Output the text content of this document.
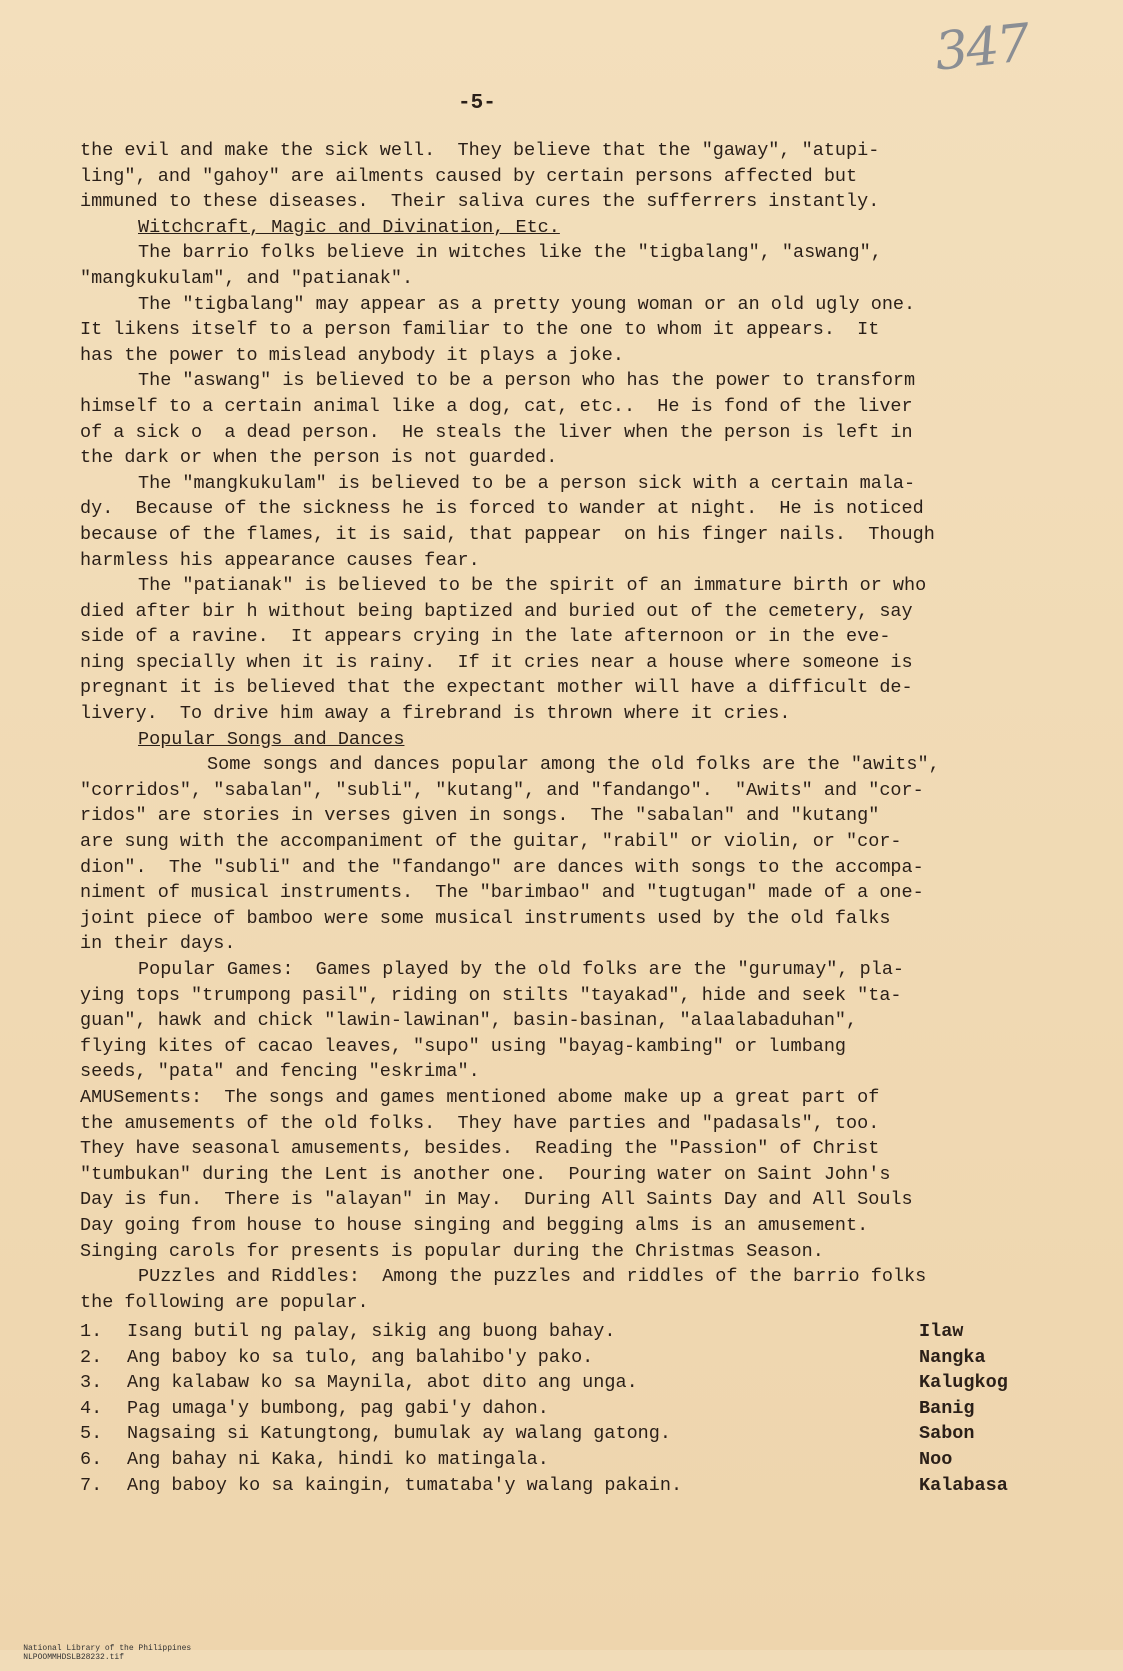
347
-5-
the evil and make the sick well.  They believe that the "gaway", "atupi-
ling", and "gahoy" are ailments caused by certain persons affected but
immuned to these diseases.  Their saliva cures the sufferrers instantly.
Witchcraft, Magic and Divination, Etc.
The barrio folks believe in witches like the "tigbalang", "aswang",
"mangkukulam", and "patianak".
The "tigbalang" may appear as a pretty young woman or an old ugly one.
It likens itself to a person familiar to the one to whom it appears.  It
has the power to mislead anybody it plays a joke.
The "aswang" is believed to be a person who has the power to transform
himself to a certain animal like a dog, cat, etc..  He is fond of the liver
of a sick o  a dead person.  He steals the liver when the person is left in
the dark or when the person is not guarded.
The "mangkukulam" is believed to be a person sick with a certain mala-
dy.  Because of the sickness he is forced to wander at night.  He is noticed
because of the flames, it is said, that pappear  on his finger nails.  Though
harmless his appearance causes fear.
The "patianak" is believed to be the spirit of an immature birth or who
died after bir h without being baptized and buried out of the cemetery, say
side of a ravine.  It appears crying in the late afternoon or in the eve-
ning specially when it is rainy.  If it cries near a house where someone is
pregnant it is believed that the expectant mother will have a difficult de-
livery.  To drive him away a firebrand is thrown where it cries.
Popular Songs and Dances
Some songs and dances popular among the old folks are the "awits",
"corridos", "sabalan", "subli", "kutang", and "fandango".  "Awits" and "cor-
ridos" are stories in verses given in songs.  The "sabalan" and "kutang"
are sung with the accompaniment of the guitar, "rabil" or violin, or "cor-
dion".  The "subli" and the "fandango" are dances with songs to the accompa-
niment of musical instruments.  The "barimbao" and "tugtugan" made of a one-
joint piece of bamboo were some musical instruments used by the old falks
in their days.
Popular Games:  Games played by the old folks are the "gurumay", pla-
ying tops "trumpong pasil", riding on stilts "tayakad", hide and seek "ta-
guan", hawk and chick "lawin-lawinan", basin-basinan, "alaalabaduhan",
flying kites of cacao leaves, "supo" using "bayag-kambing" or lumbang
seeds, "pata" and fencing "eskrima".
AMUSements:  The songs and games mentioned abome make up a great part of
the amusements of the old folks.  They have parties and "padasals", too.
They have seasonal amusements, besides.  Reading the "Passion" of Christ
"tumbukan" during the Lent is another one.  Pouring water on Saint John's
Day is fun.  There is "alayan" in May.  During All Saints Day and All Souls
Day going from house to house singing and begging alms is an amusement.
Singing carols for presents is popular during the Christmas Season.
PUzzles and Riddles:  Among the puzzles and riddles of the barrio folks
the following are popular.
1.	Isang butil ng palay, sikig ang buong bahay.	Ilaw
2.	Ang baboy ko sa tulo, ang balahibo'y pako.	Nangka
3.	Ang kalabaw ko sa Maynila, abot dito ang unga.	Kalugkog
4.	Pag umaga'y bumbong, pag gabi'y dahon.	Banig
5.	Nagsaing si Katungtong, bumulak ay walang gatong.	Sabon
6.	Ang bahay ni Kaka, hindi ko matingala.	Noo
7.	Ang baboy ko sa kaingin, tumataba'y walang pakain.	Kalabasa

National Library of the Philippines
NLPOOMMHDSLB28232.tif
